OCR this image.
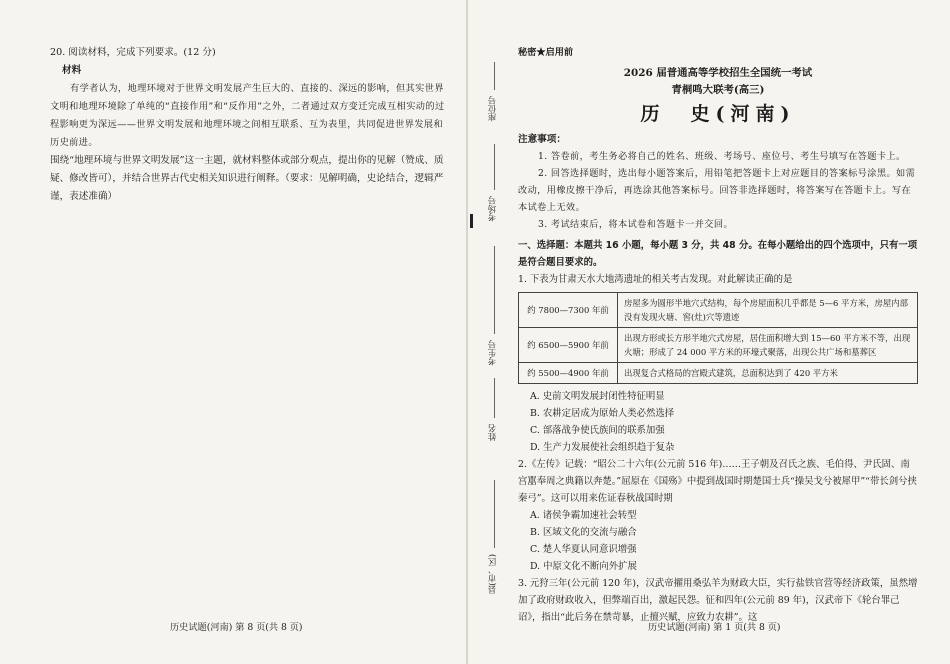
20. 阅读材料，完成下列要求。(12 分)
材料
有学者认为，地理环境对于世界文明发展产生巨大的、直接的、深远的影响，但其实世界文明和地理环境除了单纯的“直接作用”和“反作用”之外，二者通过双方变迁完成互相实动的过程影响更为深远——世界文明发展和地理环境之间相互联系、互为表里，共同促进世界发展和历史前进。
围绕“地理环境与世界文明发展”这一主题，就材料整体或部分观点，提出你的见解（赞成、质疑、修改皆可），并结合世界古代史相关知识进行阐释。（要求：见解明确，史论结合，逻辑严谨，表述准确）
历史试题(河南) 第 8 页(共 8 页)
座位号
考场号
考生号
姓名
县(市、区)
秘密★启用前
2026 届普通高等学校招生全国统一考试
青桐鸣大联考(高三)
历　史(河南)
注意事项：
1. 答卷前，考生务必将自己的姓名、班级、考场号、座位号、考生号填写在答题卡上。
2. 回答选择题时，选出每小题答案后，用铅笔把答题卡上对应题目的答案标号涂黑。如需改动，用橡皮擦干净后，再选涂其他答案标号。回答非选择题时，将答案写在答题卡上。写在本试卷上无效。
3. 考试结束后，将本试卷和答题卡一并交回。
一、选择题：本题共 16 小题，每小题 3 分，共 48 分。在每小题给出的四个选项中，只有一项是符合题目要求的。
1. 下表为甘肃天水大地湾遗址的相关考古发现。对此解读正确的是
约 7800—7300 年前	房屋多为圆形半地穴式结构，每个房屋面积几乎都是 5—6 平方米，房屋内部没有发现火塘、窖(灶)穴等遗迹
约 6500—5900 年前	出现方形或长方形半地穴式房屋，居住面积增大到 15—60 平方米不等，出现火塘；形成了 24 000 平方米的环壕式聚落，出现公共广场和墓葬区
约 5500—4900 年前	出现复合式格局的宫殿式建筑，总面积达到了 420 平方米
A. 史前文明发展封闭性特征明显
B. 农耕定居成为原始人类必然选择
C. 部落战争使氏族间的联系加强
D. 生产力发展使社会组织趋于复杂
2.《左传》记载：“昭公二十六年(公元前 516 年)……王子朝及召氏之族、毛伯得、尹氏固、南宫嚚奉周之典籍以奔楚。”屈原在《国殇》中提到战国时期楚国士兵“操吴戈兮被犀甲”“带长剑兮挟秦弓”。这可以用来佐证春秋战国时期
A. 诸侯争霸加速社会转型
B. 区域文化的交流与融合
C. 楚人华夏认同意识增强
D. 中原文化不断向外扩展
3. 元狩三年(公元前 120 年)，汉武帝擢用桑弘羊为财政大臣，实行盐铁官营等经济政策，虽然增加了政府财政收入，但弊端百出，激起民怨。征和四年(公元前 89 年)，汉武帝下《轮台罪己诏》，指出“此后务在禁苛暴，止擅兴赋，应致力农耕”。这
历史试题(河南) 第 1 页(共 8 页)
